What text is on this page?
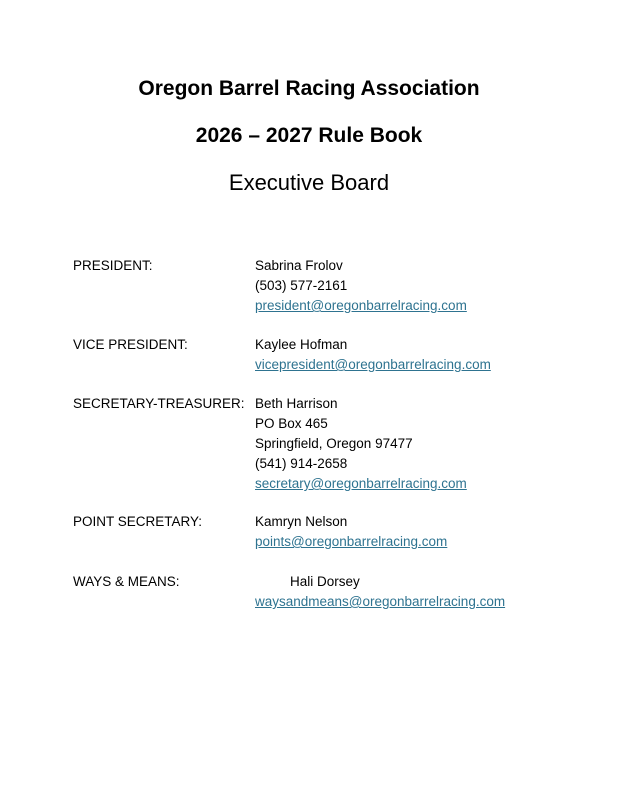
Oregon Barrel Racing Association
2026 – 2027 Rule Book
Executive Board
PRESIDENT:	Sabrina Frolov
(503) 577-2161
president@oregonbarrelracing.com
VICE PRESIDENT:	Kaylee Hofman
vicepresident@oregonbarrelracing.com
SECRETARY-TREASURER: Beth Harrison
PO Box 465
Springfield, Oregon 97477
(541) 914-2658
secretary@oregonbarrelracing.com
POINT SECRETARY:	Kamryn Nelson
points@oregonbarrelracing.com
WAYS & MEANS:	Hali Dorsey
waysandmeans@oregonbarrelracing.com
